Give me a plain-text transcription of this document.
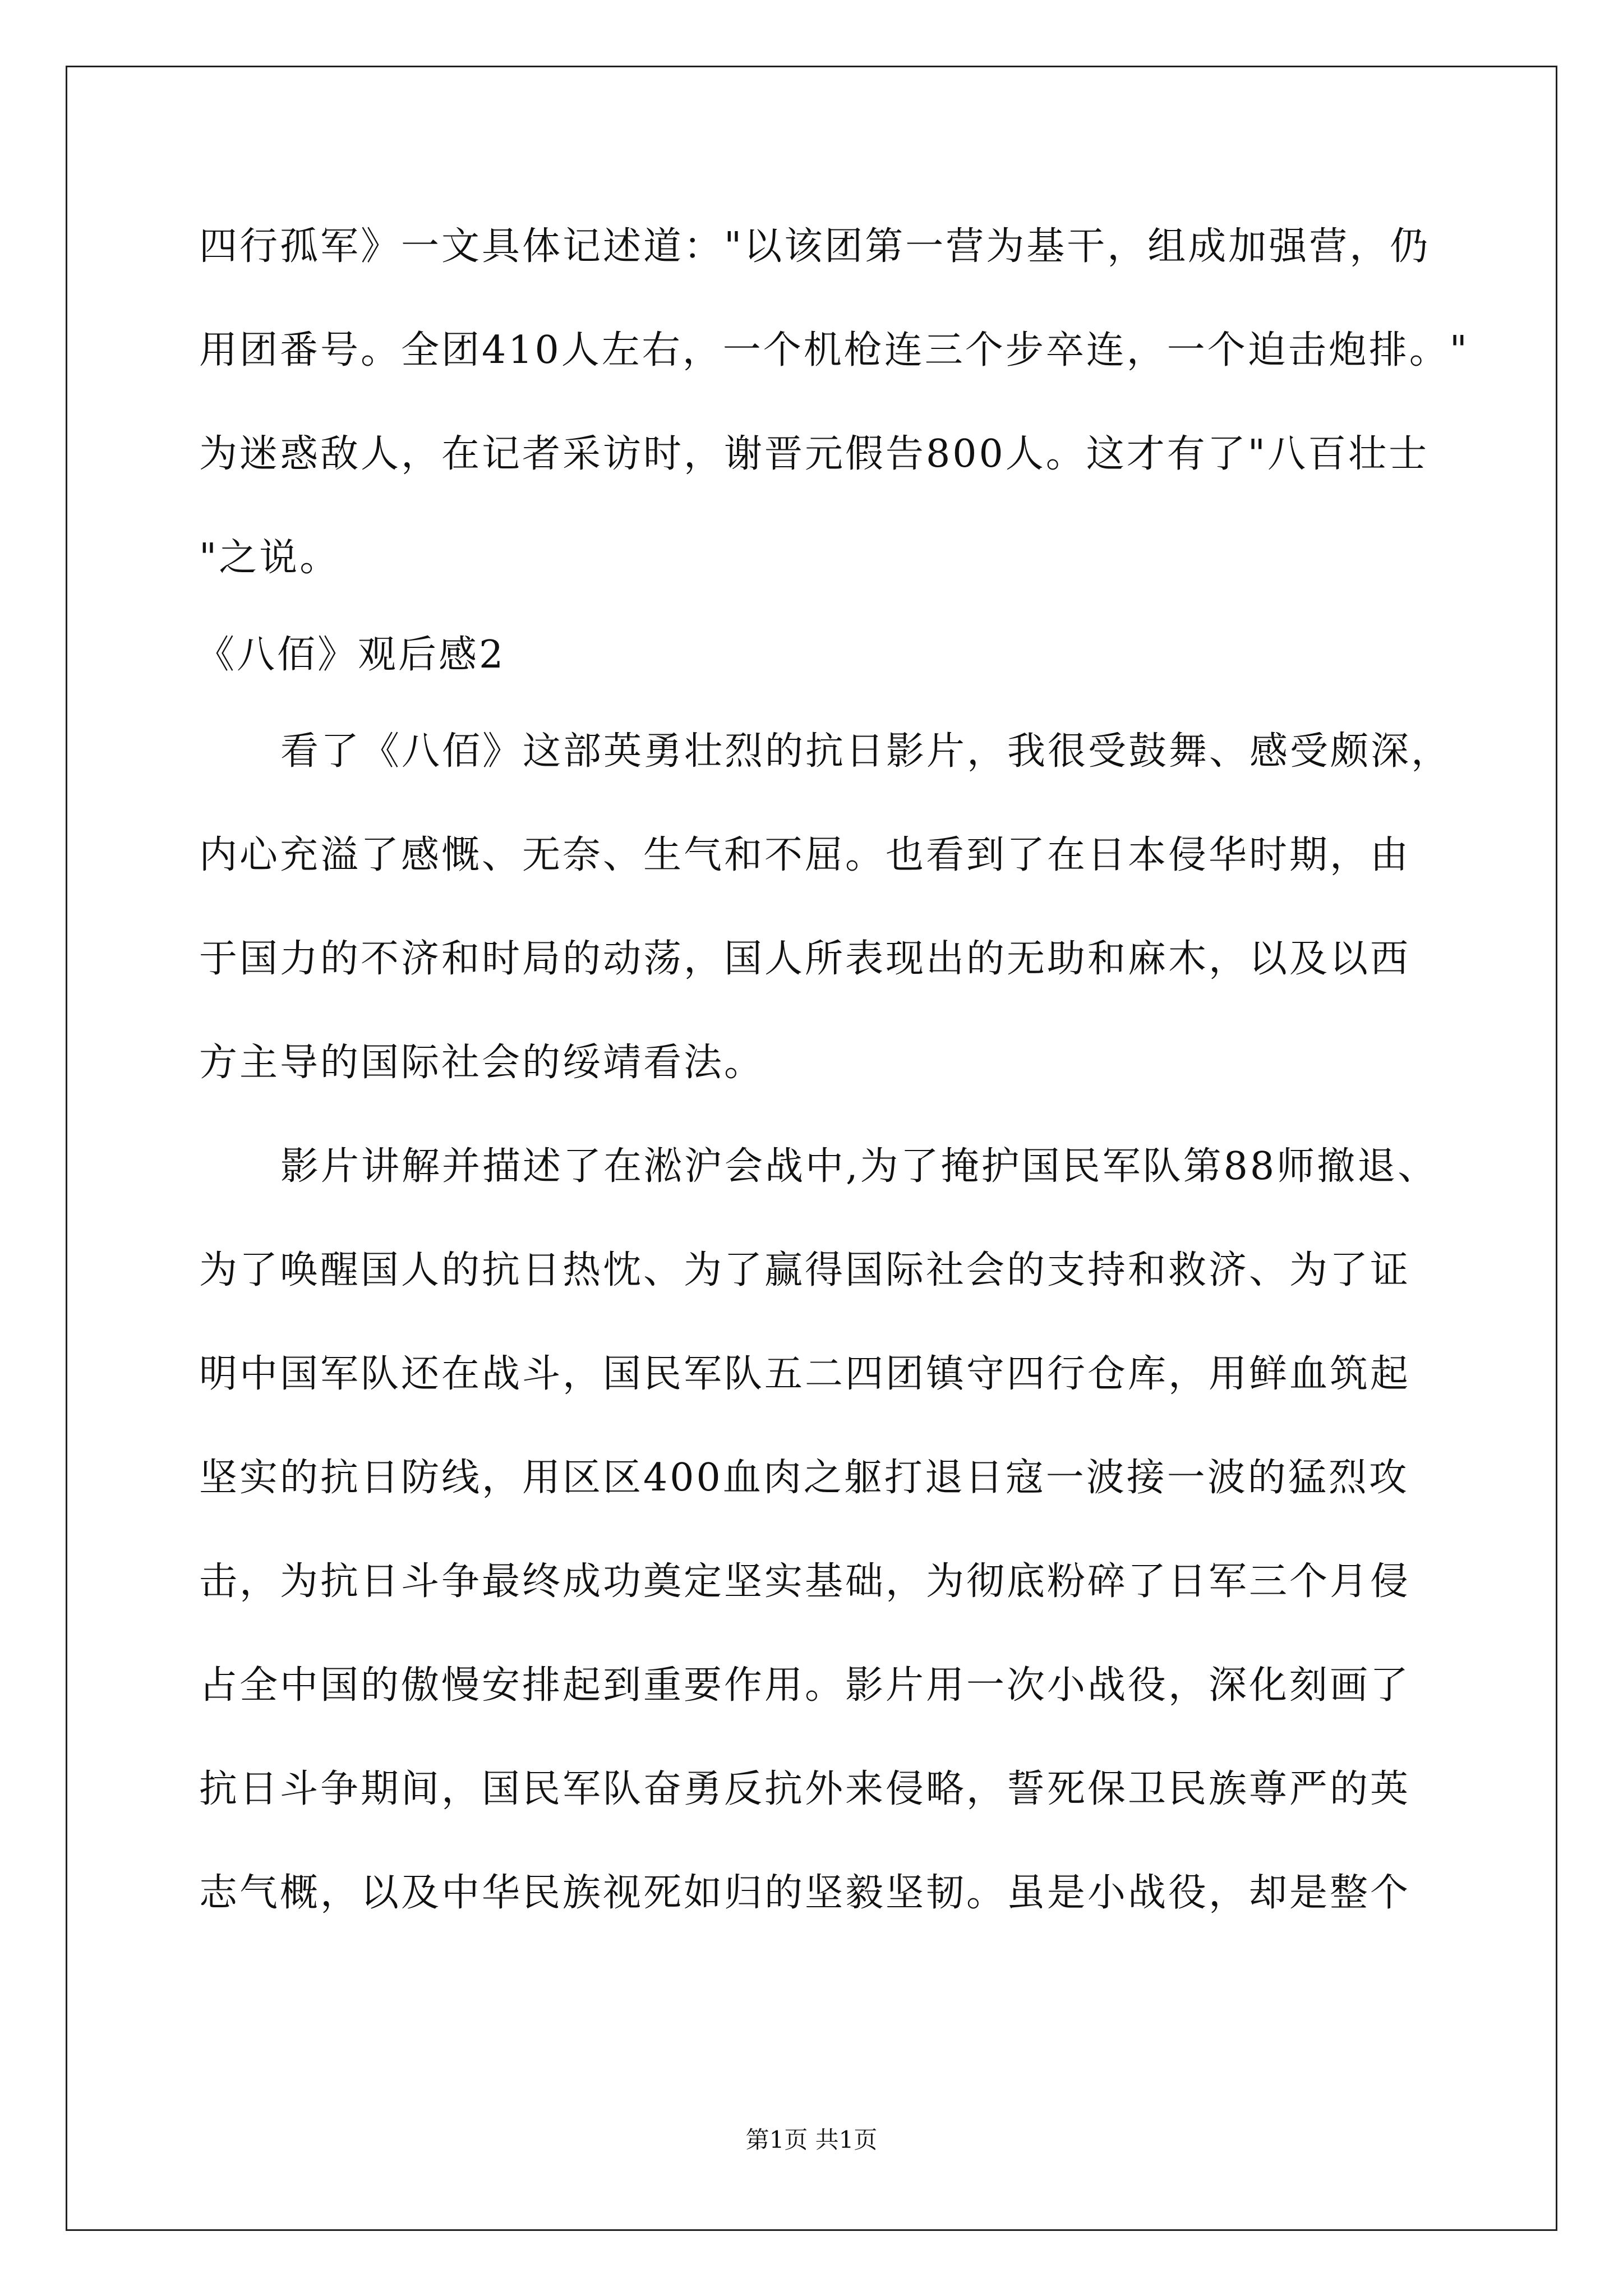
四行孤军》一文具体记述道："以该团第一营为基干，组成加强营，仍
用团番号。全团410人左右，一个机枪连三个步卒连，一个迫击炮排。"
为迷惑敌人，在记者采访时，谢晋元假告800人。这才有了"八百壮士
"之说。
《八佰》观后感2
看了《八佰》这部英勇壮烈的抗日影片，我很受鼓舞、感受颇深，
内心充溢了感慨、无奈、生气和不屈。也看到了在日本侵华时期，由
于国力的不济和时局的动荡，国人所表现出的无助和麻木，以及以西
方主导的国际社会的绥靖看法。
影片讲解并描述了在淞沪会战中,为了掩护国民军队第88师撤退、
为了唤醒国人的抗日热忱、为了赢得国际社会的支持和救济、为了证
明中国军队还在战斗，国民军队五二四团镇守四行仓库，用鲜血筑起
坚实的抗日防线，用区区400血肉之躯打退日寇一波接一波的猛烈攻
击，为抗日斗争最终成功奠定坚实基础，为彻底粉碎了日军三个月侵
占全中国的傲慢安排起到重要作用。影片用一次小战役，深化刻画了
抗日斗争期间，国民军队奋勇反抗外来侵略，誓死保卫民族尊严的英
志气概，以及中华民族视死如归的坚毅坚韧。虽是小战役，却是整个
第1页 共1页
